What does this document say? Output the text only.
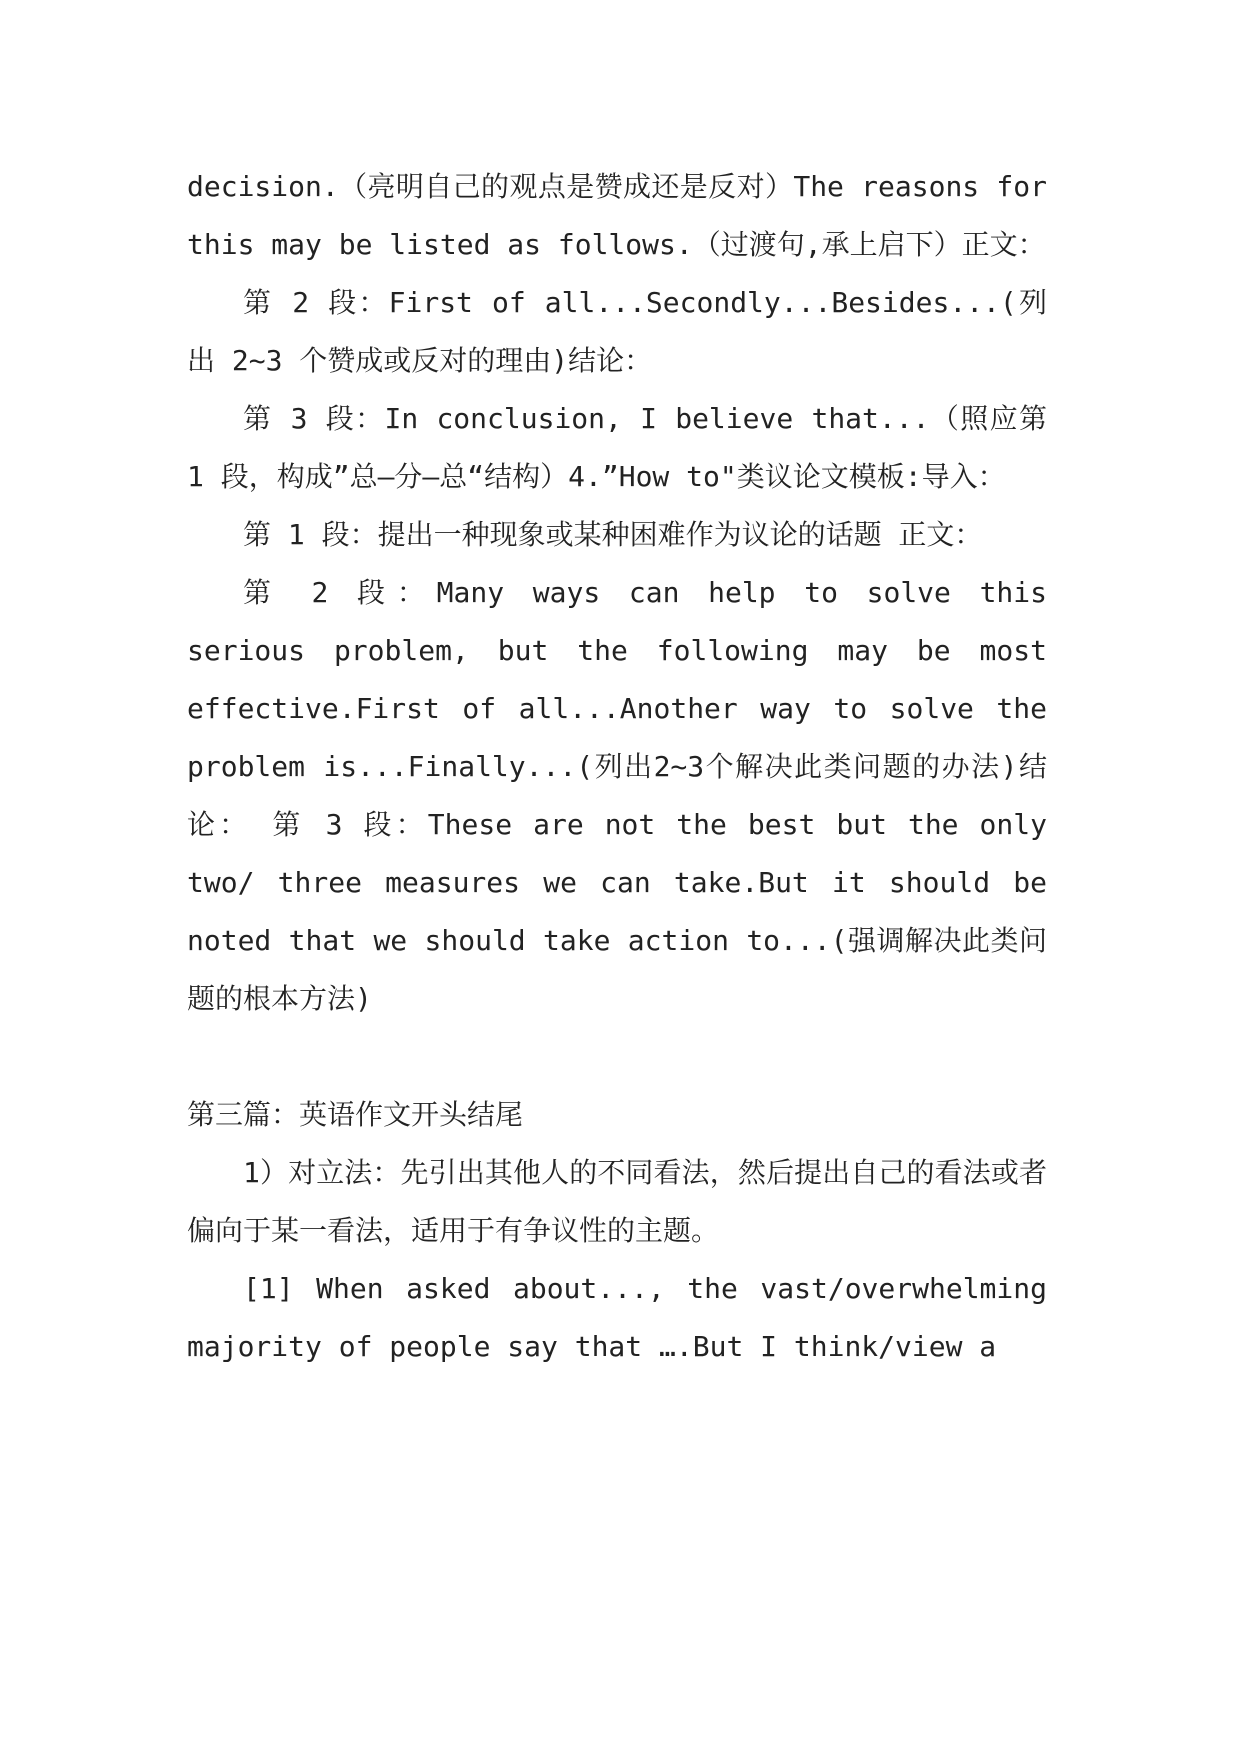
decision.（亮明自己的观点是赞成还是反对）The reasons for this may be listed as follows.（过渡句,承上启下）正文：

第 2 段：First of all...Secondly...Besides...(列出 2~3 个赞成或反对的理由)结论：

第 3 段：In conclusion, I believe that...（照应第 1 段，构成”总—分—总“结构）4.”How to"类议论文模板:导入：

第 1 段：提出一种现象或某种困难作为议论的话题 正文：

第 2 段：Many ways can help to solve this serious problem, but the following may be most effective.First of all...Another way to solve the problem is...Finally...(列出2~3个解决此类问题的办法)结论： 第 3 段：These are not the best but the only two/ three measures we can take.But it should be noted that we should take action to...(强调解决此类问题的根本方法)

第三篇：英语作文开头结尾

1）对立法：先引出其他人的不同看法，然后提出自己的看法或者偏向于某一看法，适用于有争议性的主题。

[1] When asked about..., the vast/overwhelming majority of people say that ….But I think/view a
